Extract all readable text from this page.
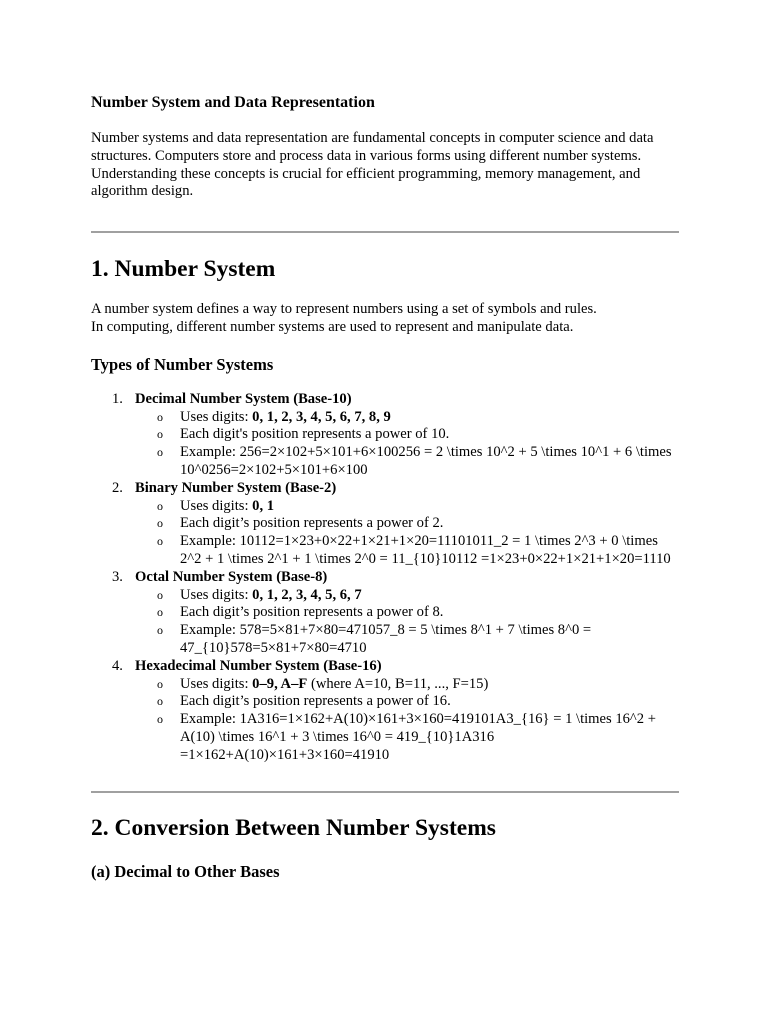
Number System and Data Representation

Number systems and data representation are fundamental concepts in computer science and data structures. Computers store and process data in various forms using different number systems. Understanding these concepts is crucial for efficient programming, memory management, and algorithm design.

1. Number System

A number system defines a way to represent numbers using a set of symbols and rules.
In computing, different number systems are used to represent and manipulate data.

Types of Number Systems
1. Decimal Number System (Base-10)
o Uses digits: 0, 1, 2, 3, 4, 5, 6, 7, 8, 9
o Each digit's position represents a power of 10.
o Example: 256=2×102+5×101+6×100256 = 2 \times 10^2 + 5 \times 10^1 + 6 \times 10^0256=2×102+5×101+6×100
2. Binary Number System (Base-2)
o Uses digits: 0, 1
o Each digit’s position represents a power of 2.
o Example: 10112=1×23+0×22+1×21+1×20=11101011_2 = 1 \times 2^3 + 0 \times 2^2 + 1 \times 2^1 + 1 \times 2^0 = 11_{10}10112 =1×23+0×22+1×21+1×20=1110
3. Octal Number System (Base-8)
o Uses digits: 0, 1, 2, 3, 4, 5, 6, 7
o Each digit’s position represents a power of 8.
o Example: 578=5×81+7×80=471057_8 = 5 \times 8^1 + 7 \times 8^0 = 47_{10}578=5×81+7×80=4710
4. Hexadecimal Number System (Base-16)
o Uses digits: 0–9, A–F (where A=10, B=11, ..., F=15)
o Each digit’s position represents a power of 16.
o Example: 1A316=1×162+A(10)×161+3×160=419101A3_{16} = 1 \times 16^2 + A(10) \times 16^1 + 3 \times 16^0 = 419_{10}1A316 =1×162+A(10)×161+3×160=41910
2. Conversion Between Number Systems
(a) Decimal to Other Bases
